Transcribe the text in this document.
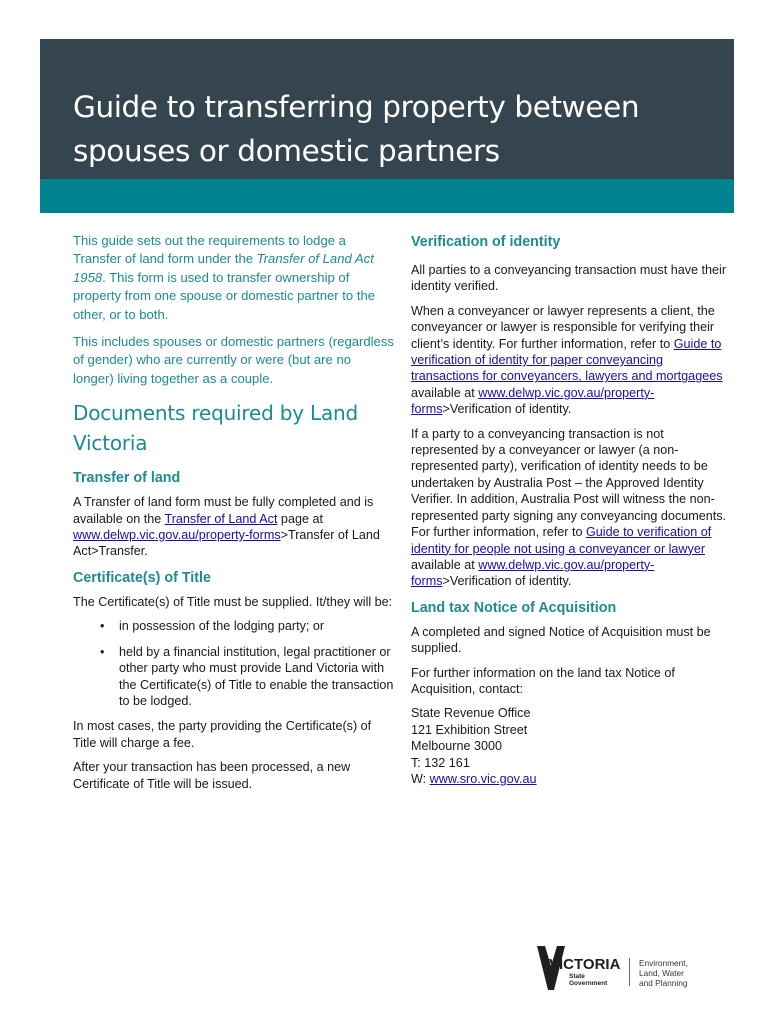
Guide to transferring property between spouses or domestic partners

This guide sets out the requirements to lodge a Transfer of land form under the Transfer of Land Act 1958. This form is used to transfer ownership of property from one spouse or domestic partner to the other, or to both.

This includes spouses or domestic partners (regardless of gender) who are currently or were (but are no longer) living together as a couple.

Documents required by Land Victoria
Transfer of land

A Transfer of land form must be fully completed and is available on the Transfer of Land Act page at www.delwp.vic.gov.au/property-forms>Transfer of Land Act>Transfer.

Certificate(s) of Title

The Certificate(s) of Title must be supplied. It/they will be:

• in possession of the lodging party; or
• held by a financial institution, legal practitioner or other party who must provide Land Victoria with the Certificate(s) of Title to enable the transaction to be lodged.

In most cases, the party providing the Certificate(s) of Title will charge a fee.

After your transaction has been processed, a new Certificate of Title will be issued.

Verification of identity

All parties to a conveyancing transaction must have their identity verified.

When a conveyancer or lawyer represents a client, the conveyancer or lawyer is responsible for verifying their client’s identity. For further information, refer to Guide to verification of identity for paper conveyancing transactions for conveyancers, lawyers and mortgagees available at www.delwp.vic.gov.au/property-forms>Verification of identity.

If a party to a conveyancing transaction is not represented by a conveyancer or lawyer (a non-represented party), verification of identity needs to be undertaken by Australia Post – the Approved Identity Verifier. In addition, Australia Post will witness the non-represented party signing any conveyancing documents. For further information, refer to Guide to verification of identity for people not using a conveyancer or lawyer available at www.delwp.vic.gov.au/property-forms>Verification of identity.

Land tax Notice of Acquisition

A completed and signed Notice of Acquisition must be supplied.

For further information on the land tax Notice of Acquisition, contact:

State Revenue Office

121 Exhibition Street

Melbourne 3000

T: 132 161

W: www.sro.vic.gov.au

VICTORIA
State
Government
Environment,
Land, Water
and Planning
